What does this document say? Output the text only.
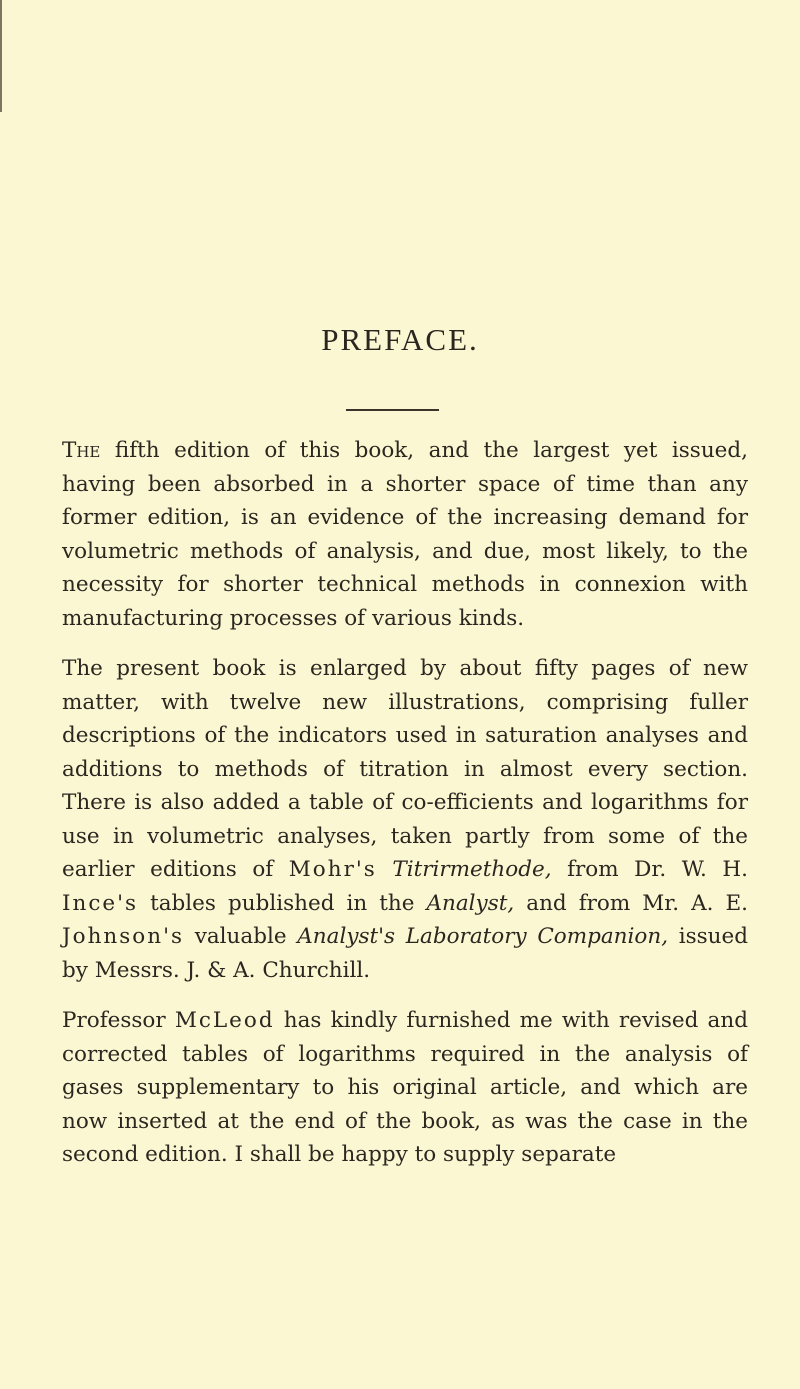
PREFACE.

The fifth edition of this book, and the largest yet issued, having been absorbed in a shorter space of time than any former edition, is an evidence of the increasing demand for volumetric methods of analysis, and due, most likely, to the necessity for shorter technical methods in connexion with manufacturing processes of various kinds.

The present book is enlarged by about fifty pages of new matter, with twelve new illustrations, comprising fuller descriptions of the indicators used in saturation analyses and additions to methods of titration in almost every section. There is also added a table of co-efficients and logarithms for use in volumetric analyses, taken partly from some of the earlier editions of Mohr's Titrirmethode, from Dr. W. H. Ince's tables published in the Analyst, and from Mr. A. E. Johnson's valuable Analyst's Laboratory Companion, issued by Messrs. J. & A. Churchill.

Professor McLeod has kindly furnished me with revised and corrected tables of logarithms required in the analysis of gases supplementary to his original article, and which are now inserted at the end of the book, as was the case in the second edition. I shall be happy to supply separate
